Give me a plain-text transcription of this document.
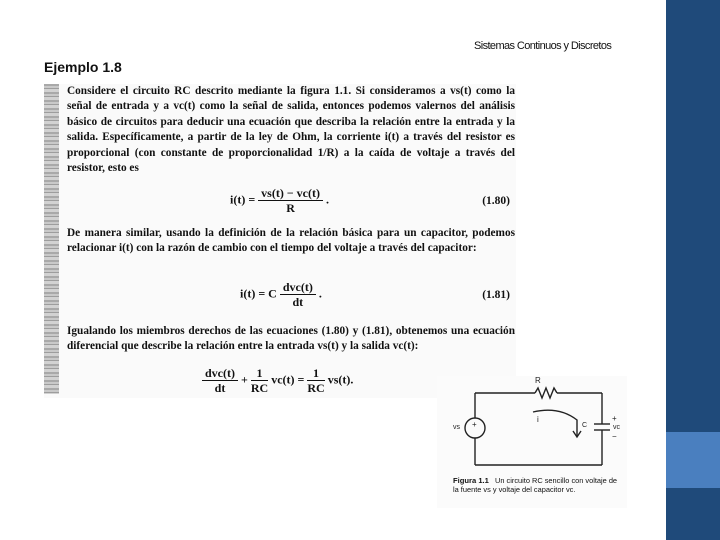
Sistemas Continuos y Discretos
Ejemplo 1.8

Considere el circuito RC descrito mediante la figura 1.1. Si consideramos a vs(t) como la señal de entrada y a vc(t) como la señal de salida, entonces podemos valernos del análisis básico de circuitos para deducir una ecuación que describa la relación entre la entrada y la salida. Específicamente, a partir de la ley de Ohm, la corriente i(t) a través del resistor es proporcional (con constante de proporcionalidad 1/R) a la caída de voltaje a través del resistor, esto es

$i(t) = \frac{vs(t) - vc(t)}{R}$ .	(1.80)

De manera similar, usando la definición de la relación básica para un capacitor, podemos relacionar i(t) con la razón de cambio con el tiempo del voltaje a través del capacitor:

i(t) = C $\frac{\text{dvc(t)}}{dt}$ .	(1.81)

Igualando los miembros derechos de las ecuaciones (1.80) y (1.81), obtenemos una ecuación diferencial que describe la relación entre la entrada vs(t) y la salida vc(t):

$\frac{\text{dvc(t)}}{dt} + \frac{1}{RC} vc(t) = \frac{1}{RC} vs(t)$.	R
i
vs +	C
+
vc
−

Figura 1.1 Un circuito RC sencillo con voltaje de la fuente vs y voltaje del capacitor vc.
